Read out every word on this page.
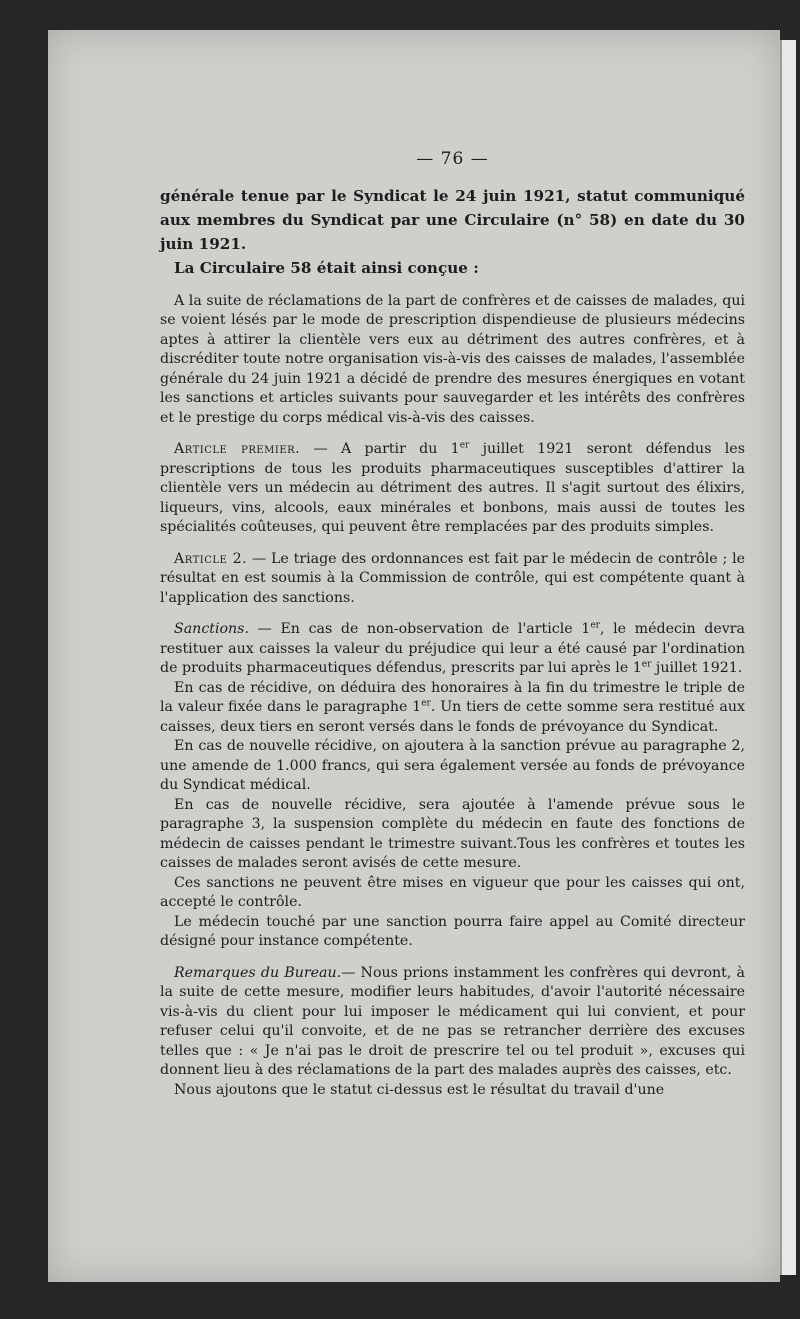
— 76 —

générale tenue par le Syndicat le 24 juin 1921, statut communiqué aux membres du Syndicat par une Circulaire (n° 58) en date du 30 juin 1921.

La Circulaire 58 était ainsi conçue :

A la suite de réclamations de la part de confrères et de caisses de malades, qui se voient lésés par le mode de prescription dispendieuse de plusieurs médecins aptes à attirer la clientèle vers eux au détriment des autres confrères, et à discréditer toute notre organisation vis-à-vis des caisses de malades, l'assemblée générale du 24 juin 1921 a décidé de prendre des mesures énergiques en votant les sanctions et articles suivants pour sauvegarder et les intérêts des confrères et le prestige du corps médical vis-à-vis des caisses.

Article premier. — A partir du 1er juillet 1921 seront défendus les prescriptions de tous les produits pharmaceutiques susceptibles d'attirer la clientèle vers un médecin au détriment des autres. Il s'agit surtout des élixirs, liqueurs, vins, alcools, eaux minérales et bonbons, mais aussi de toutes les spécialités coûteuses, qui peuvent être remplacées par des produits simples.

Article 2. — Le triage des ordonnances est fait par le médecin de contrôle ; le résultat en est soumis à la Commission de contrôle, qui est compétente quant à l'application des sanctions.

Sanctions. — En cas de non-observation de l'article 1er, le médecin devra restituer aux caisses la valeur du préjudice qui leur a été causé par l'ordination de produits pharmaceutiques défendus, prescrits par lui après le 1er juillet 1921.

En cas de récidive, on déduira des honoraires à la fin du trimestre le triple de la valeur fixée dans le paragraphe 1er. Un tiers de cette somme sera restitué aux caisses, deux tiers en seront versés dans le fonds de prévoyance du Syndicat.

En cas de nouvelle récidive, on ajoutera à la sanction prévue au paragraphe 2, une amende de 1.000 francs, qui sera également versée au fonds de prévoyance du Syndicat médical.

En cas de nouvelle récidive, sera ajoutée à l'amende prévue sous le paragraphe 3, la suspension complète du médecin en faute des fonctions de médecin de caisses pendant le trimestre suivant.Tous les confrères et toutes les caisses de malades seront avisés de cette mesure.

Ces sanctions ne peuvent être mises en vigueur que pour les caisses qui ont, accepté le contrôle.

Le médecin touché par une sanction pourra faire appel au Comité directeur désigné pour instance compétente.

Remarques du Bureau.— Nous prions instamment les confrères qui devront, à la suite de cette mesure, modifier leurs habitudes, d'avoir l'autorité nécessaire vis-à-vis du client pour lui imposer le médicament qui lui convient, et pour refuser celui qu'il convoite, et de ne pas se retrancher derrière des excuses telles que : « Je n'ai pas le droit de prescrire tel ou tel produit », excuses qui donnent lieu à des réclamations de la part des malades auprès des caisses, etc.

Nous ajoutons que le statut ci-dessus est le résultat du travail d'une
